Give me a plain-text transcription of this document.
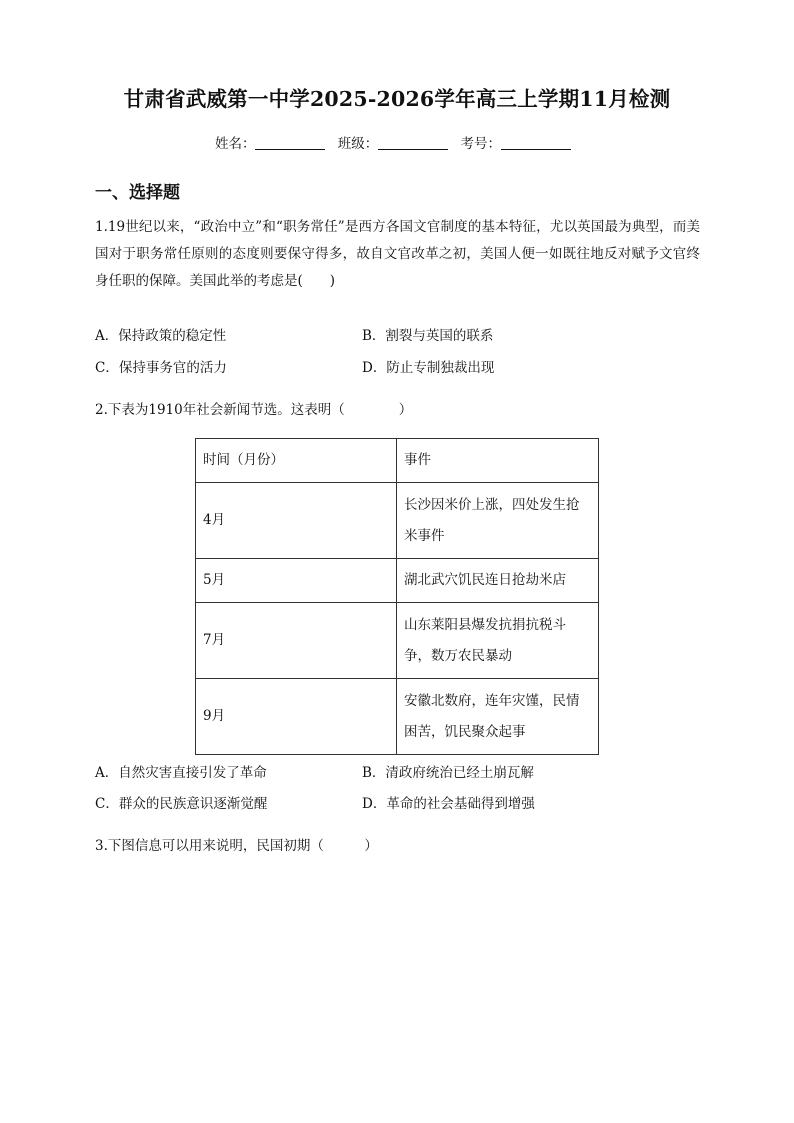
甘肃省武威第一中学2025-2026学年高三上学期11月检测
姓名：	班级：	考号：
一、选择题
1.19世纪以来，“政治中立”和“职务常任”是西方各国文官制度的基本特征，尤以英国最为典型，而美国对于职务常任原则的态度则要保守得多，故自文官改革之初，美国人便一如既往地反对赋予文官终身任职的保障。美国此举的考虑是(　　)
A．保持政策的稳定性	B．割裂与英国的联系
C．保持事务官的活力	D．防止专制独裁出现
2.下表为1910年社会新闻节选。这表明（　　　　）
时间（月份）	事件
4月	长沙因米价上涨，四处发生抢米事件
5月	湖北武穴饥民连日抢劫米店
7月	山东莱阳县爆发抗捐抗税斗争，数万农民暴动
9月	安徽北数府，连年灾馑，民情困苦，饥民聚众起事
A．自然灾害直接引发了革命	B．清政府统治已经土崩瓦解
C．群众的民族意识逐渐觉醒	D．革命的社会基础得到增强
3.下图信息可以用来说明，民国初期（　　　）
